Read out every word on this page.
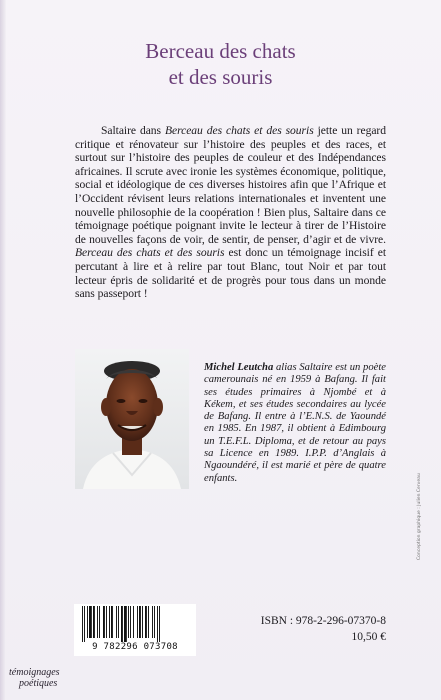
Berceau des chats
et des souris
Saltaire dans Berceau des chats et des souris jette un regard critique et rénovateur sur l’histoire des peuples et des races, et surtout sur l’histoire des peuples de couleur et des Indépendances africaines. Il scrute avec ironie les systèmes économique, politique, social et idéologique de ces diverses histoires afin que l’Afrique et l’Occident révisent leurs relations internationales et inventent une nouvelle philosophie de la coopération ! Bien plus, Saltaire dans ce témoignage poétique poignant invite le lecteur à tirer de l’Histoire de nouvelles façons de voir, de sentir, de penser, d’agir et de vivre. Berceau des chats et des souris est donc un témoignage incisif et percutant à lire et à relire par tout Blanc, tout Noir et par tout lecteur épris de solidarité et de progrès pour tous dans un monde sans passeport !
Michel Leutcha alias Saltaire est un poète camerounais né en 1959 à Bafang. Il fait ses études primaires à Njombé et à Kékem, et ses études secondaires au lycée de Bafang. Il entre à l’E.N.S. de Yaoundé en 1985. En 1987, il obtient à Edimbourg un T.E.F.L. Diploma, et de retour au pays sa Licence en 1989. I.P.P. d’Anglais à Ngaoundéré, il est marié et père de quatre enfants.	Conception graphique : Julien Cerveau
9 782296 073708
ISBN : 978-2-296-07370-8
10,50 €
témoignages
poétiques
